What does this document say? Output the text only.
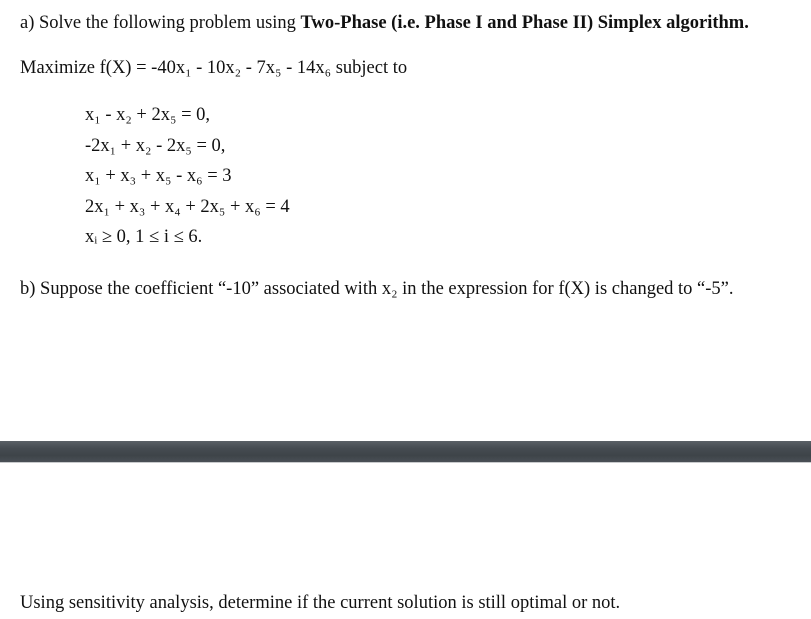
a) Solve the following problem using Two-Phase (i.e. Phase I and Phase II) Simplex algorithm.
Maximize f(X) = -40x₁ - 10x₂ - 7x₅ - 14x₆ subject to
x₁ - x₂ + 2x₅ = 0,
-2x₁ + x₂ - 2x₅ = 0,
x₁ + x₃ + x₅ - x₆ = 3
2x₁ + x₃ + x₄ + 2x₅ + x₆ = 4
xᵢ ≥ 0, 1 ≤ i ≤ 6.
b) Suppose the coefficient “-10” associated with x₂ in the expression for f(X) is changed to “-5”.
Using sensitivity analysis, determine if the current solution is still optimal or not.
